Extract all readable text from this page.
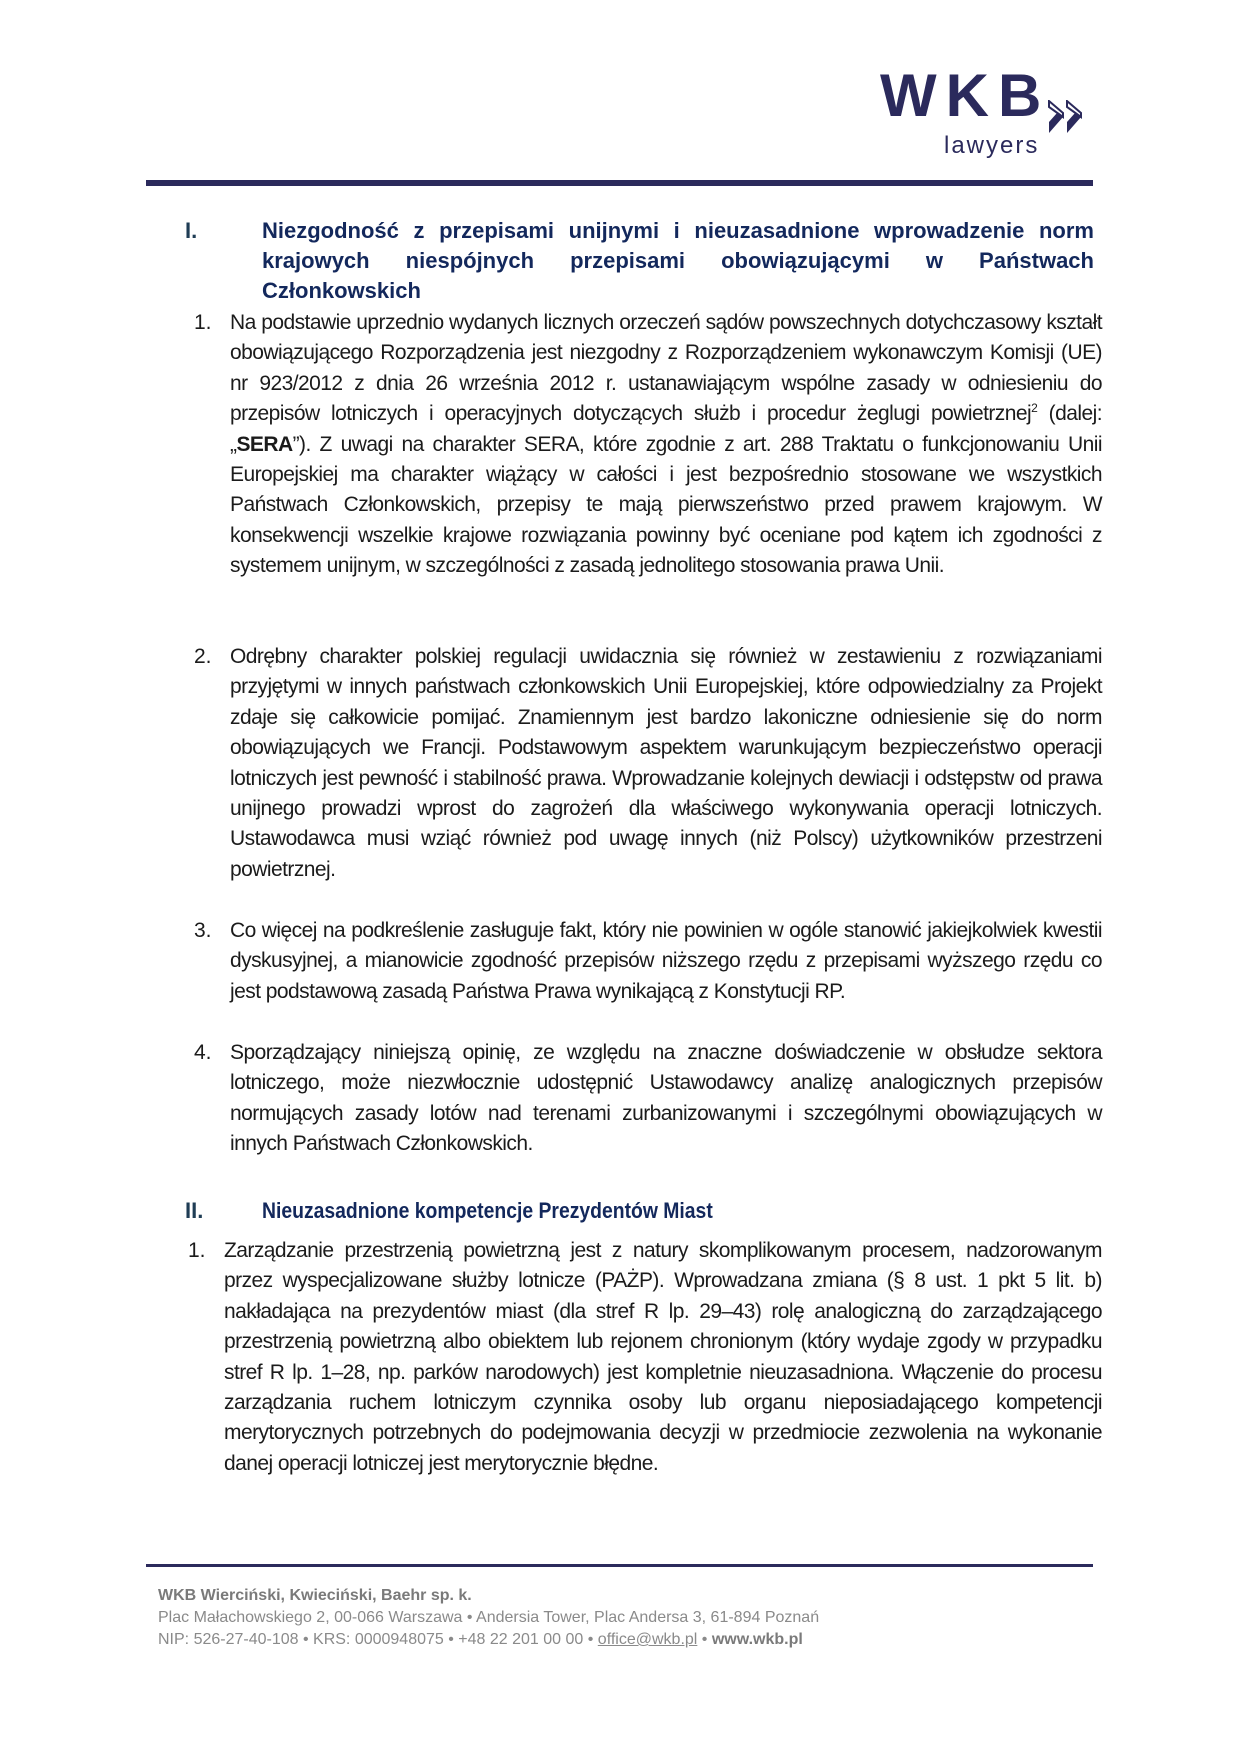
WKB
lawyers
I.	Niezgodność z przepisami unijnymi i nieuzasadnione wprowadzenie norm krajowych niespójnych przepisami obowiązującymi w Państwach Członkowskich
1. Na podstawie uprzednio wydanych licznych orzeczeń sądów powszechnych dotychczasowy kształt obowiązującego Rozporządzenia jest niezgodny z Rozporządzeniem wykonawczym Komisji (UE) nr 923/2012 z dnia 26 września 2012 r. ustanawiającym wspólne zasady w odniesieniu do przepisów lotniczych i operacyjnych dotyczących służb i procedur żeglugi powietrznej$^2$ (dalej: „SERA”). Z uwagi na charakter SERA, które zgodnie z art. 288 Traktatu o funkcjonowaniu Unii Europejskiej ma charakter wiążący w całości i jest bezpośrednio stosowane we wszystkich Państwach Członkowskich, przepisy te mają pierwszeństwo przed prawem krajowym. W konsekwencji wszelkie krajowe rozwiązania powinny być oceniane pod kątem ich zgodności z systemem unijnym, w szczególności z zasadą jednolitego stosowania prawa Unii.
2. Odrębny charakter polskiej regulacji uwidacznia się również w zestawieniu z rozwiązaniami przyjętymi w innych państwach członkowskich Unii Europejskiej, które odpowiedzialny za Projekt zdaje się całkowicie pomijać. Znamiennym jest bardzo lakoniczne odniesienie się do norm obowiązujących we Francji. Podstawowym aspektem warunkującym bezpieczeństwo operacji lotniczych jest pewność i stabilność prawa. Wprowadzanie kolejnych dewiacji i odstępstw od prawa unijnego prowadzi wprost do zagrożeń dla właściwego wykonywania operacji lotniczych. Ustawodawca musi wziąć również pod uwagę innych (niż Polscy) użytkowników przestrzeni powietrznej.
3. Co więcej na podkreślenie zasługuje fakt, który nie powinien w ogóle stanowić jakiejkolwiek kwestii dyskusyjnej, a mianowicie zgodność przepisów niższego rzędu z przepisami wyższego rzędu co jest podstawową zasadą Państwa Prawa wynikającą z Konstytucji RP.
4. Sporządzający niniejszą opinię, ze względu na znaczne doświadczenie w obsłudze sektora lotniczego, może niezwłocznie udostępnić Ustawodawcy analizę analogicznych przepisów normujących zasady lotów nad terenami zurbanizowanymi i szczególnymi obowiązujących w innych Państwach Członkowskich.
II.	Nieuzasadnione kompetencje Prezydentów Miast
1. Zarządzanie przestrzenią powietrzną jest z natury skomplikowanym procesem, nadzorowanym przez wyspecjalizowane służby lotnicze (PAŻP). Wprowadzana zmiana (§ 8 ust. 1 pkt 5 lit. b) nakładająca na prezydentów miast (dla stref R lp. 29–43) rolę analogiczną do zarządzającego przestrzenią powietrzną albo obiektem lub rejonem chronionym (który wydaje zgody w przypadku stref R lp. 1–28, np. parków narodowych) jest kompletnie nieuzasadniona. Włączenie do procesu zarządzania ruchem lotniczym czynnika osoby lub organu nieposiadającego kompetencji merytorycznych potrzebnych do podejmowania decyzji w przedmiocie zezwolenia na wykonanie danej operacji lotniczej jest merytorycznie błędne.
WKB Wierciński, Kwieciński, Baehr sp. k.
Plac Małachowskiego 2, 00-066 Warszawa • Andersia Tower, Plac Andersa 3, 61-894 Poznań
NIP: 526-27-40-108 • KRS: 0000948075 • +48 22 201 00 00 • office@wkb.pl • www.wkb.pl
